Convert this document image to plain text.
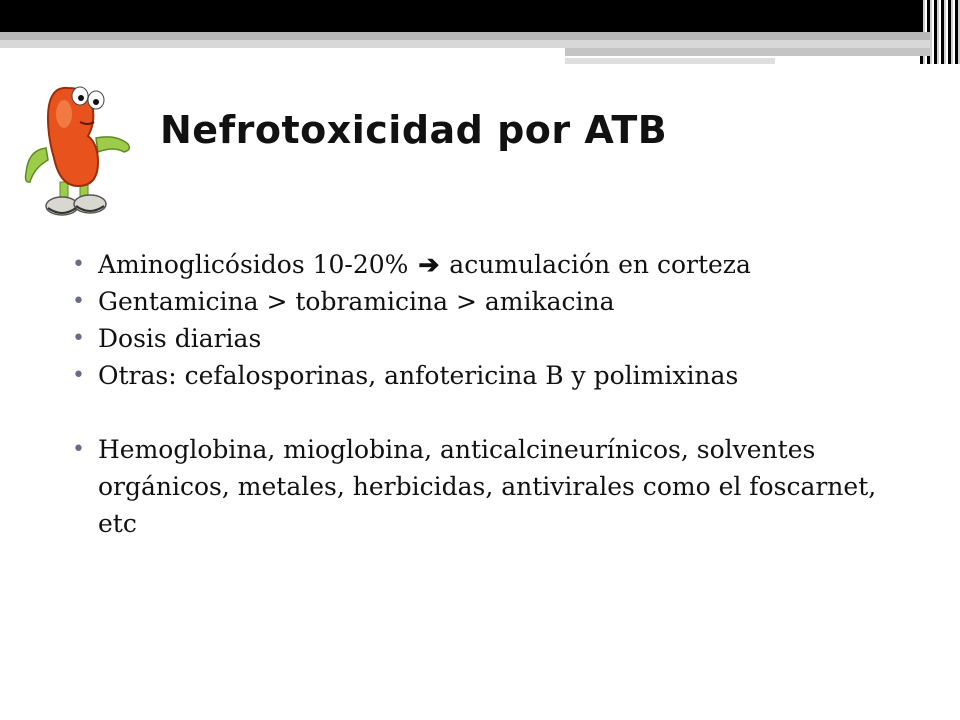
Nefrotoxicidad por ATB
• Aminoglicósidos 10-20% ➔ acumulación en corteza
• Gentamicina > tobramicina > amikacina
• Dosis diarias
• Otras: cefalosporinas, anfotericina B y polimixinas
• Hemoglobina, mioglobina, anticalcineurínicos, solventes orgánicos, metales, herbicidas, antivirales como el foscarnet, etc
